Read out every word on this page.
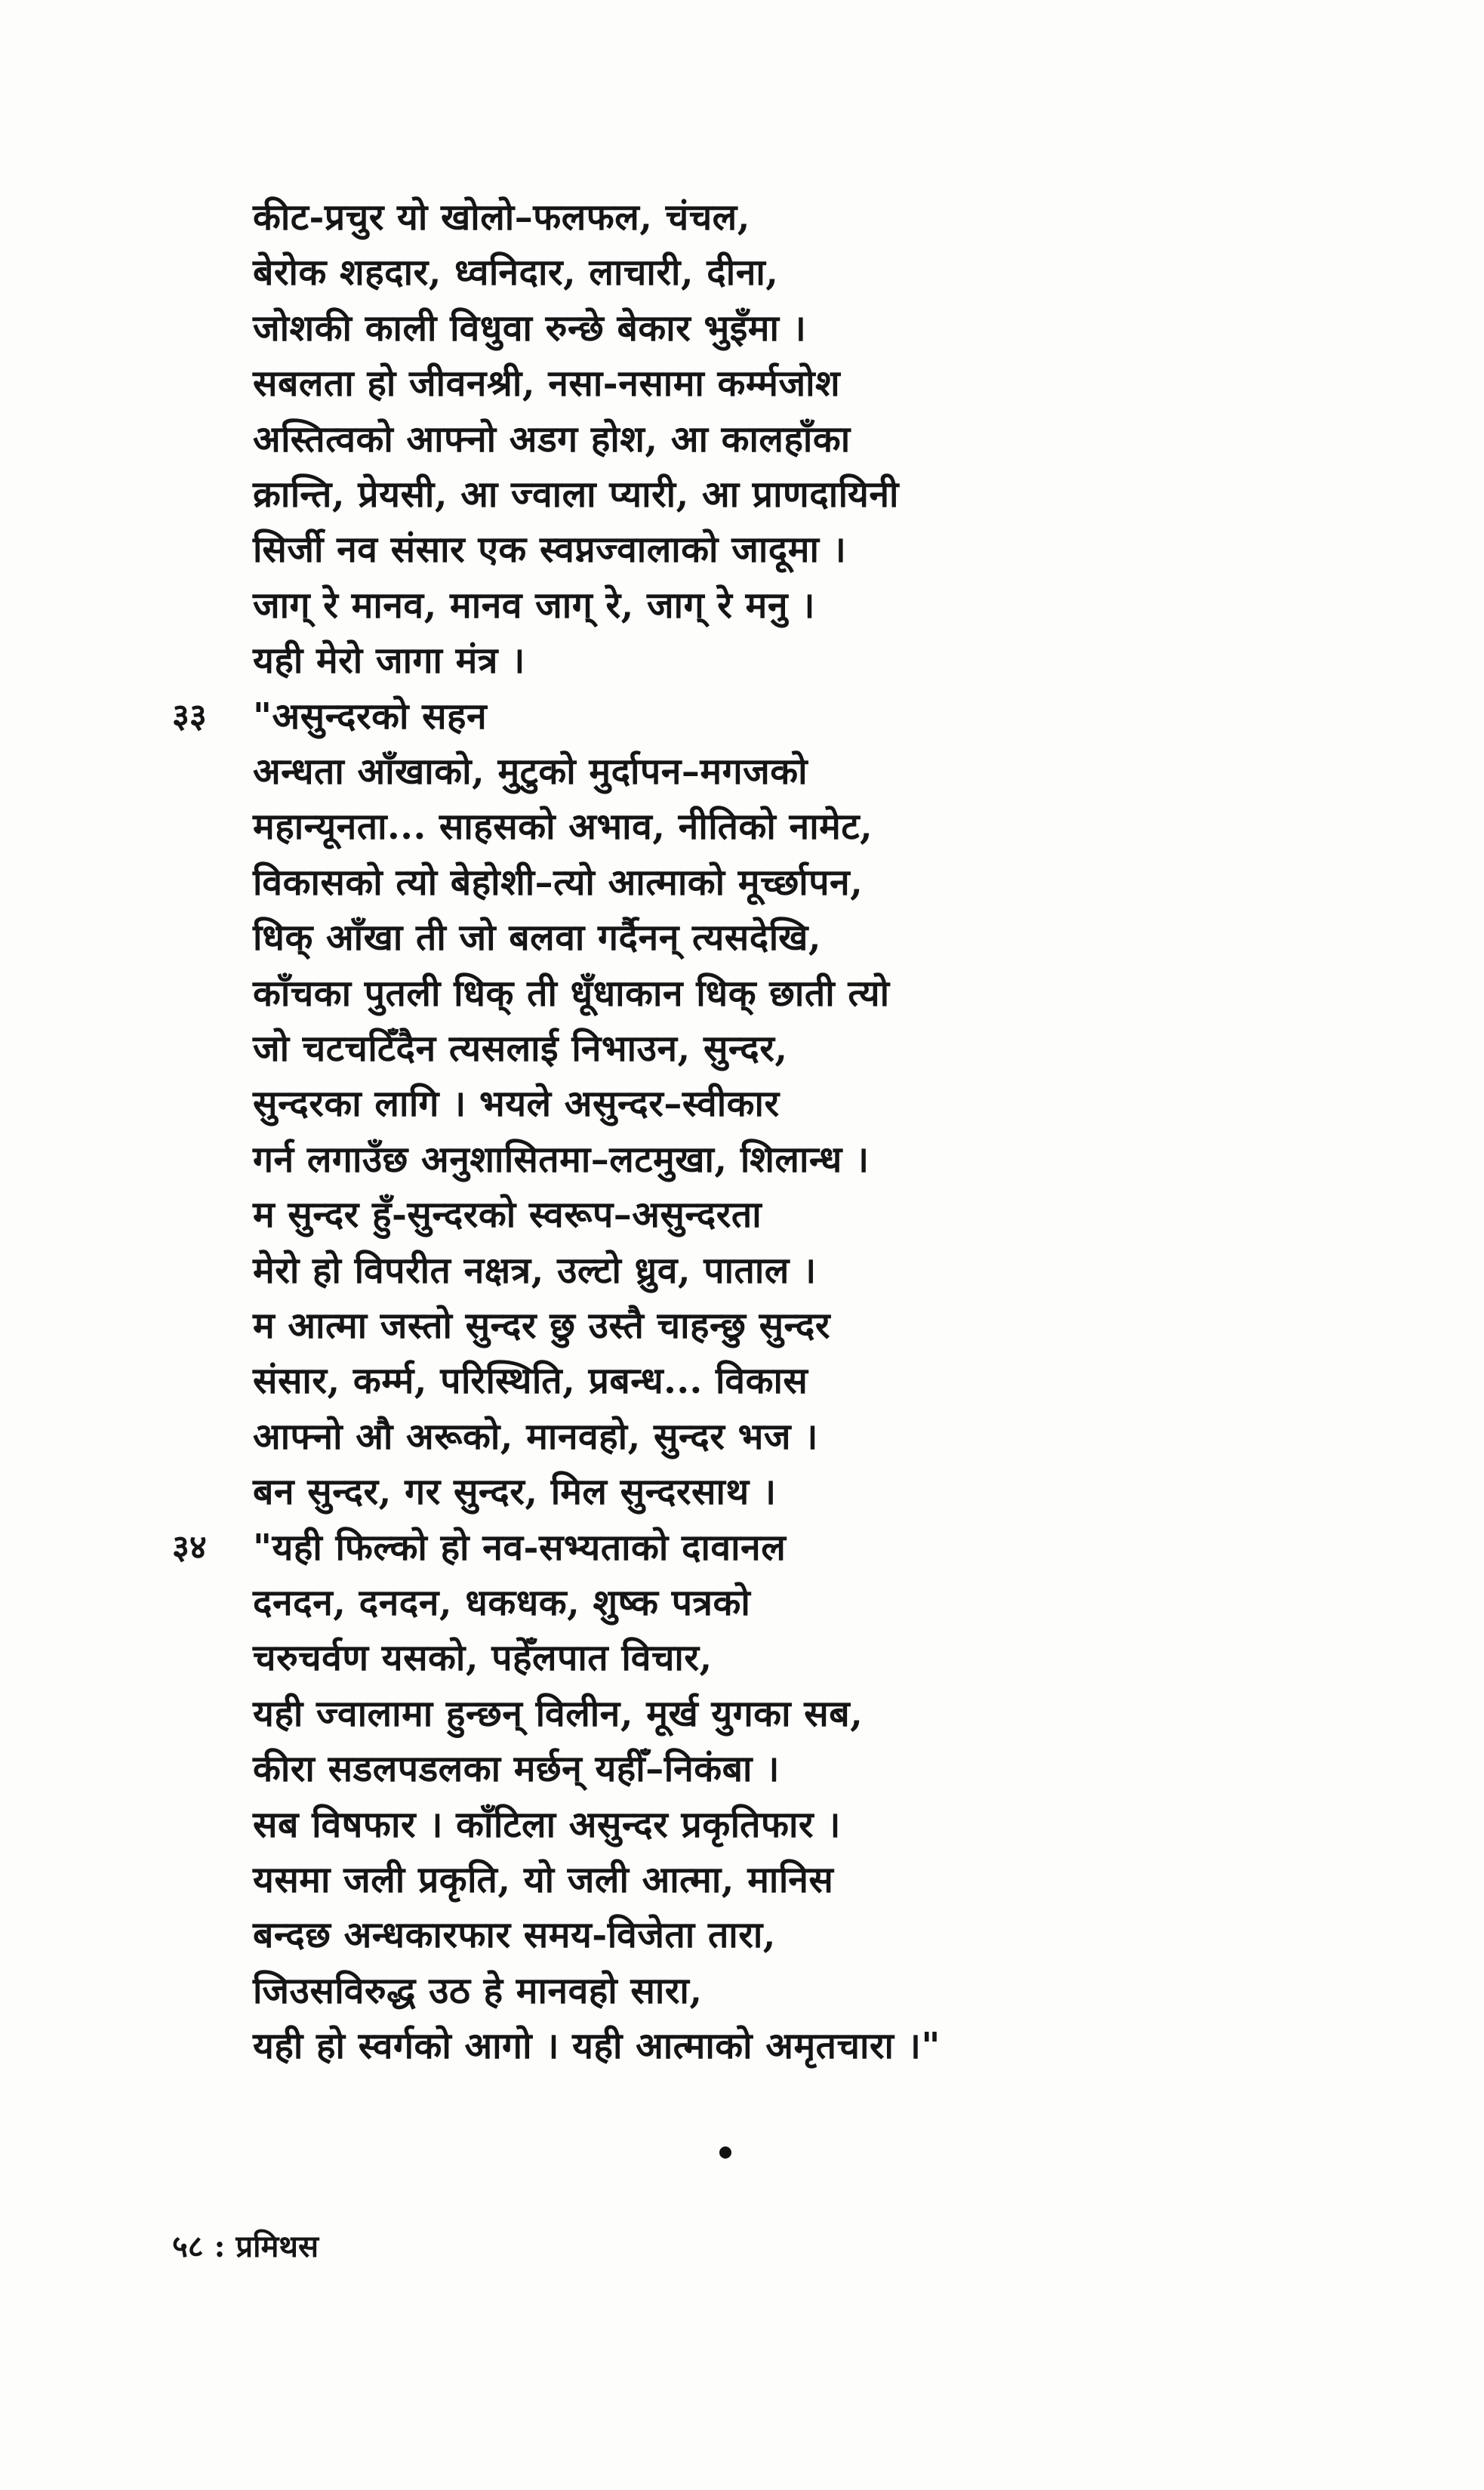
कीट-प्रचुर यो खोलो–फलफल, चंचल,
बेरोक शहदार, ध्वनिदार, लाचारी, दीना,
जोशकी काली विधुवा रुन्छे बेकार भुइँमा ।
सबलता हो जीवनश्री, नसा-नसामा कर्म्मजोश
अस्तित्वको आफ्नो अडग होश, आ कालहाँका
क्रान्ति, प्रेयसी, आ ज्वाला प्यारी, आ प्राणदायिनी
सिर्जी नव संसार एक स्वप्नज्वालाको जादूमा ।
जाग् रे मानव, मानव जाग् रे, जाग् रे मनु ।
यही मेरो जागा मंत्र ।
३३ "असुन्दरको सहन
अन्धता आँखाको, मुटुको मुर्दापन–मगजको
महान्यूनता... साहसको अभाव, नीतिको नामेट,
विकासको त्यो बेहोशी–त्यो आत्माको मूर्च्छापन,
धिक् आँखा ती जो बलवा गर्दैनन् त्यसदेखि,
काँचका पुतली धिक् ती धूँधाकान धिक् छाती त्यो
जो चटचटिँदैन त्यसलाई निभाउन, सुन्दर,
सुन्दरका लागि । भयले असुन्दर–स्वीकार
गर्न लगाउँछ अनुशासितमा–लटमुखा, शिलान्ध ।
म सुन्दर हुँ-सुन्दरको स्वरूप–असुन्दरता
मेरो हो विपरीत नक्षत्र, उल्टो ध्रुव, पाताल ।
म आत्मा जस्तो सुन्दर छु उस्तै चाहन्छु सुन्दर
संसार, कर्म्म, परिस्थिति, प्रबन्ध... विकास
आफ्नो औ अरूको, मानवहो, सुन्दर भज ।
बन सुन्दर, गर सुन्दर, मिल सुन्दरसाथ ।
३४ "यही फिल्को हो नव-सभ्यताको दावानल
दनदन, दनदन, धकधक, शुष्क पत्रको
चरुचर्वण यसको, पहेँलपात विचार,
यही ज्वालामा हुन्छन् विलीन, मूर्ख युगका सब,
कीरा सडलपडलका मर्छन् यहीँ–निकंबा ।
सब विषफार । काँटिला असुन्दर प्रकृतिफार ।
यसमा जली प्रकृति, यो जली आत्मा, मानिस
बन्दछ अन्धकारफार समय-विजेता तारा,
जिउसविरुद्ध उठ हे मानवहो सारा,
यही हो स्वर्गको आगो । यही आत्माको अमृतचारा ।"
५८ : प्रमिथस
